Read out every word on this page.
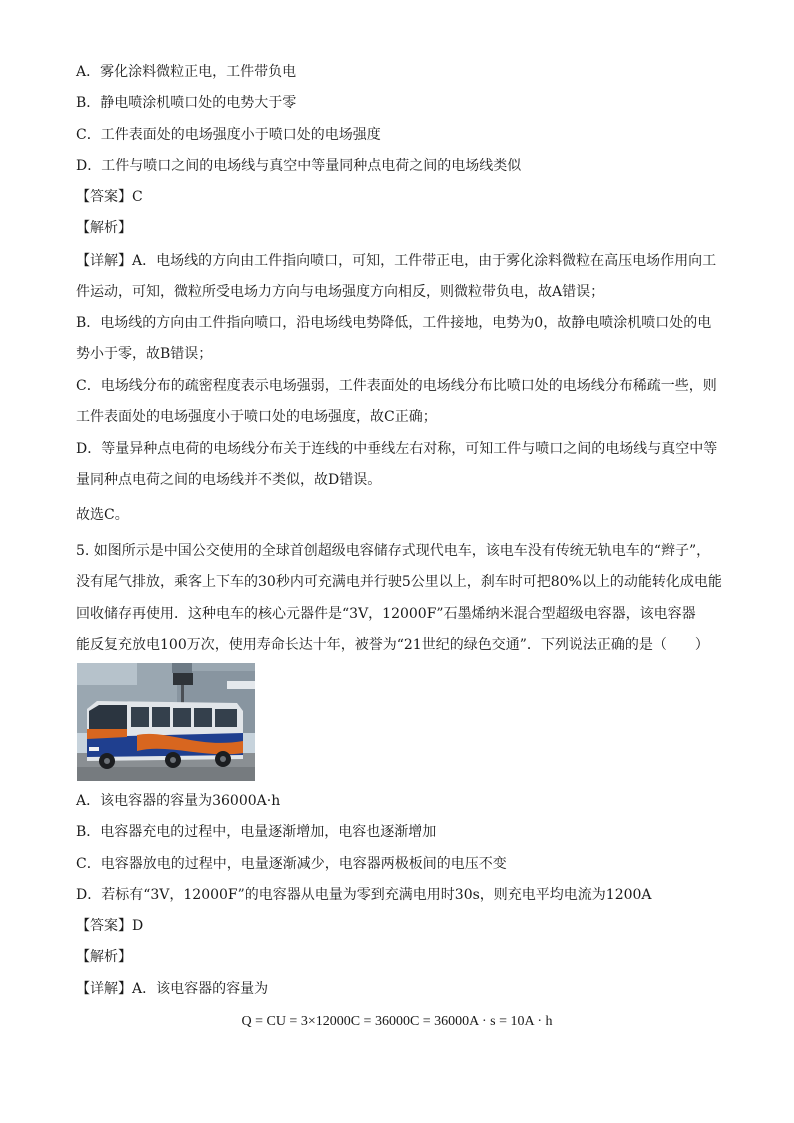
A．雾化涂料微粒正电，工件带负电
B．静电喷涂机喷口处的电势大于零
C．工件表面处的电场强度小于喷口处的电场强度
D．工件与喷口之间的电场线与真空中等量同种点电荷之间的电场线类似
【答案】C
【解析】
【详解】A．电场线的方向由工件指向喷口，可知，工件带正电，由于雾化涂料微粒在高压电场作用向工
件运动，可知，微粒所受电场力方向与电场强度方向相反，则微粒带负电，故A错误；
B．电场线的方向由工件指向喷口，沿电场线电势降低，工件接地，电势为0，故静电喷涂机喷口处的电
势小于零，故B错误；
C．电场线分布的疏密程度表示电场强弱，工件表面处的电场线分布比喷口处的电场线分布稀疏一些，则
工件表面处的电场强度小于喷口处的电场强度，故C正确；
D．等量异种点电荷的电场线分布关于连线的中垂线左右对称，可知工件与喷口之间的电场线与真空中等
量同种点电荷之间的电场线并不类似，故D错误。
故选C。
5. 如图所示是中国公交使用的全球首创超级电容储存式现代电车，该电车没有传统无轨电车的“辫子”，
没有尾气排放，乘客上下车的30秒内可充满电并行驶5公里以上，刹车时可把80%以上的动能转化成电能
回收储存再使用．这种电车的核心元器件是“3V，12000F”石墨烯纳米混合型超级电容器，该电容器
能反复充放电100万次，使用寿命长达十年，被誉为“21世纪的绿色交通”．下列说法正确的是（　　）
A．该电容器的容量为36000A·h
B．电容器充电的过程中，电量逐渐增加，电容也逐渐增加
C．电容器放电的过程中，电量逐渐减少，电容器两极板间的电压不变
D．若标有“3V，12000F”的电容器从电量为零到充满电用时30s，则充电平均电流为1200A
【答案】D
【解析】
【详解】A．该电容器的容量为
Q = CU = 3×12000C = 36000C = 36000A · s = 10A · h
